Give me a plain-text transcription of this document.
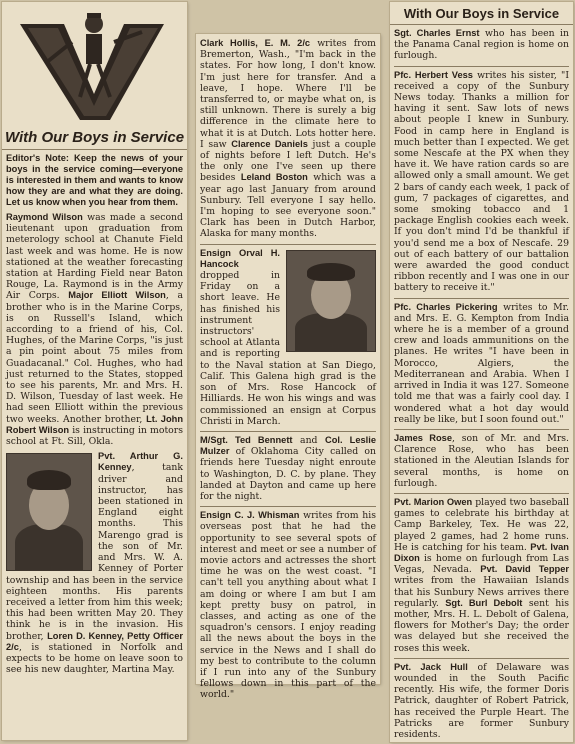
With Our Boys in Service

Editor's Note: Keep the news of your boys in the service coming—everyone is interested in them and wants to know how they are and what they are doing. Let us know when you hear from them.

Raymond Wilson was made a second lieutenant upon graduation from meterology school at Chanute Field last week and was home. He is now stationed at the weather forecasting station at Harding Field near Baton Rouge, La. Raymond is in the Army Air Corps. Major Elliott Wilson, a brother who is in the Marine Corps, is on Russell's Island, which according to a friend of his, Col. Hughes, of the Marine Corps, "is just a pin point about 75 miles from Guadacanal." Col. Hughes, who had just returned to the States, stopped to see his parents, Mr. and Mrs. H. D. Wilson, Tuesday of last week. He had seen Elliott within the previous two weeks. Another brother, Lt. John Robert Wilson is instructing in motors school at Ft. Sill, Okla.

Pvt. Arthur G. Kenney, tank driver and instructor, has been stationed in England eight months. This Marengo grad is the son of Mr. and Mrs. W. A. Kenney of Porter township and has been in the service eighteen months. His parents received a letter from him this week; this had been written May 20. They think he is in the invasion. His brother, Loren D. Kenney, Petty Officer 2/c, is stationed in Norfolk and expects to be home on leave soon to see his new daughter, Martina May.

Clark Hollis, E. M. 2/c writes from Bremerton, Wash., "I'm back in the states. For how long, I don't know. I'm just here for transfer. And a leave, I hope. Where I'll be transferred to, or maybe what on, is still unknown. There is surely a big difference in the climate here to what it is at Dutch. Lots hotter here. I saw Clarence Daniels just a couple of nights before I left Dutch. He's the only one I've seen up there besides Leland Boston which was a year ago last January from around Sunbury. Tell everyone I say hello. I'm hoping to see everyone soon." Clark has been in Dutch Harbor, Alaska for many months.

Ensign Orval H. Hancock dropped in Friday on a short leave. He has finished his instrument instructors' school at Atlanta and is reporting to the Naval station at San Diego, Calif. This Galena high grad is the son of Mrs. Rose Hancock of Hilliards. He won his wings and was commissioned an ensign at Corpus Christi in March.

M/Sgt. Ted Bennett and Col. Leslie Mulzer of Oklahoma City called on friends here Tuesday night enroute to Washington, D. C. by plane. They landed at Dayton and came up here for the night.

Ensign C. J. Whisman writes from his overseas post that he had the opportunity to see several spots of interest and meet or see a number of movie actors and actresses the short time he was on the west coast. "I can't tell you anything about what I am doing or where I am but I am kept pretty busy on patrol, in classes, and acting as one of the squadron's censors. I enjoy reading all the news about the boys in the service in the News and I shall do my best to contribute to the column if I run into any of the Sunbury fellows down in this part of the world."

With Our Boys in Service

Sgt. Charles Ernst who has been in the Panama Canal region is home on furlough.

Pfc. Herbert Vess writes his sister, "I received a copy of the Sunbury News today. Thanks a million for having it sent. Saw lots of news about people I knew in Sunbury. Food in camp here in England is much better than I expected. We get some Nescafe at the PX when they have it. We have ration cards so are allowed only a small amount. We get 2 bars of candy each week, 1 pack of gum, 7 packages of cigarettes, and some smoking tobacco and 1 package English cookies each week. If you don't mind I'd be thankful if you'd send me a box of Nescafe. 29 out of each battery of our battalion were awarded the good conduct ribbon recently and I was one in our battery to receive it."

Pfc. Charles Pickering writes to Mr. and Mrs. E. G. Kempton from India where he is a member of a ground crew and loads ammunitions on the planes. He writes "I have been in Morocco, Algiers, the Mediterranean and Arabia. When I arrived in India it was 127. Someone told me that was a fairly cool day. I wondered what a hot day would really be like, but I soon found out."

James Rose, son of Mr. and Mrs. Clarence Rose, who has been stationed in the Aleutian Islands for several months, is home on furlough.

Pvt. Marion Owen played two baseball games to celebrate his birthday at Camp Barkeley, Tex. He was 22, played 2 games, had 2 home runs. He is catching for his team. Pvt. Ivan Dixon is home on furlough from Las Vegas, Nevada. Pvt. David Tepper writes from the Hawaiian Islands that his Sunbury News arrives there regularly. Sgt. Burl Debolt sent his mother, Mrs. H. L. Debolt of Galena, flowers for Mother's Day; the order was delayed but she received the roses this week.

Pvt. Jack Hull of Delaware was wounded in the South Pacific recently. His wife, the former Doris Patrick, daughter of Robert Patrick, has received the Purple Heart. The Patricks are former Sunbury residents.
